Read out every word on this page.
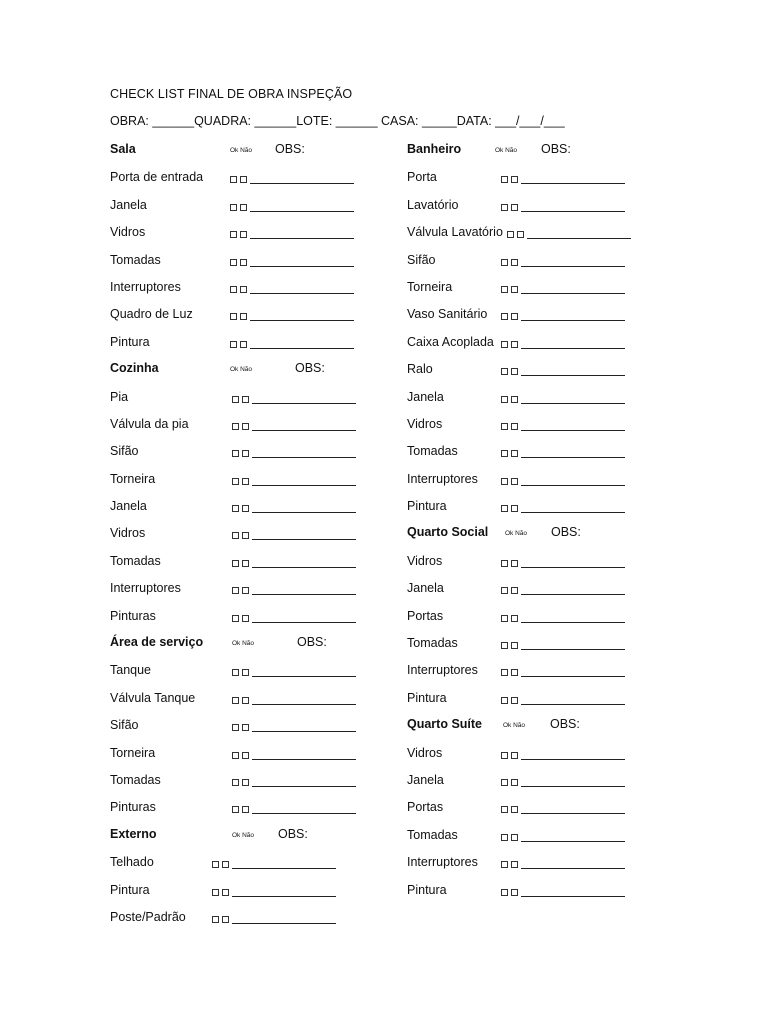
CHECK LIST FINAL DE OBRA INSPEÇÃO
OBRA: ______QUADRA: ______LOTE: ______ CASA: _____DATA: ___/___/___
Sala	Ok Não OBS:
Porta de entrada
Janela
Vidros
Tomadas
Interruptores
Quadro de Luz
Pintura
Cozinha	Ok Não	OBS:
Pia
Válvula da pia
Sifão
Torneira
Janela
Vidros
Tomadas
Interruptores
Pinturas
Área de serviço	Ok Não	OBS:
Tanque
Válvula Tanque
Sifão
Torneira
Tomadas
Pinturas
Externo	Ok Não OBS:
Telhado
Pintura
Poste/Padrão
Banheiro	Ok Não OBS:
Porta
Lavatório
Válvula Lavatório
Sifão
Torneira
Vaso Sanitário
Caixa Acoplada
Ralo
Janela
Vidros
Tomadas
Interruptores
Pintura
Quarto Social	Ok Não OBS:
Vidros
Janela
Portas
Tomadas
Interruptores
Pintura
Quarto Suíte	Ok Não OBS:
Vidros
Janela
Portas
Tomadas
Interruptores
Pintura
